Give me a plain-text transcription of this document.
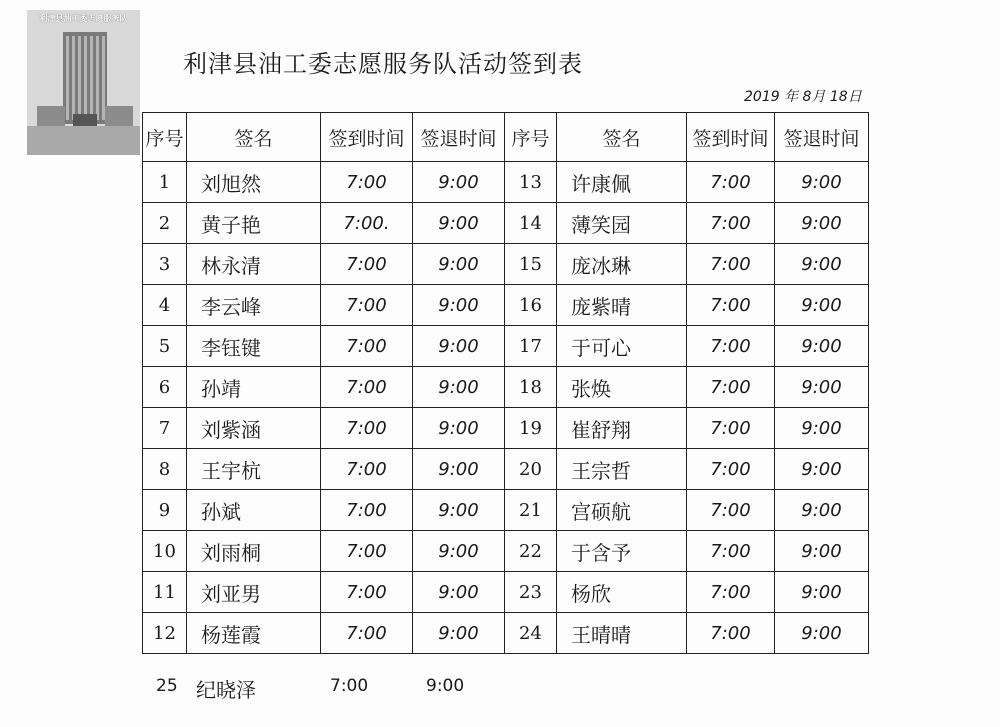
利津县油工委志愿服务队
利津县油工委志愿服务队活动签到表
2019 年 8月 18日
序号	签名	签到时间	签退时间	序号	签名	签到时间	签退时间
1	刘旭然	7:00	9:00	13	许康佩	7:00	9:00
2	黄子艳	7:00.	9:00	14	薄笑园	7:00	9:00
3	林永清	7:00	9:00	15	庞冰琳	7:00	9:00
4	李云峰	7:00	9:00	16	庞紫晴	7:00	9:00
5	李钰键	7:00	9:00	17	于可心	7:00	9:00
6	孙靖	7:00	9:00	18	张焕	7:00	9:00
7	刘紫涵	7:00	9:00	19	崔舒翔	7:00	9:00
8	王宇杭	7:00	9:00	20	王宗哲	7:00	9:00
9	孙斌	7:00	9:00	21	宫硕航	7:00	9:00
10	刘雨桐	7:00	9:00	22	于含予	7:00	9:00
11	刘亚男	7:00	9:00	23	杨欣	7:00	9:00
12	杨莲霞	7:00	9:00	24	王晴晴	7:00	9:00
25 纪晓泽	7:00	9:00
